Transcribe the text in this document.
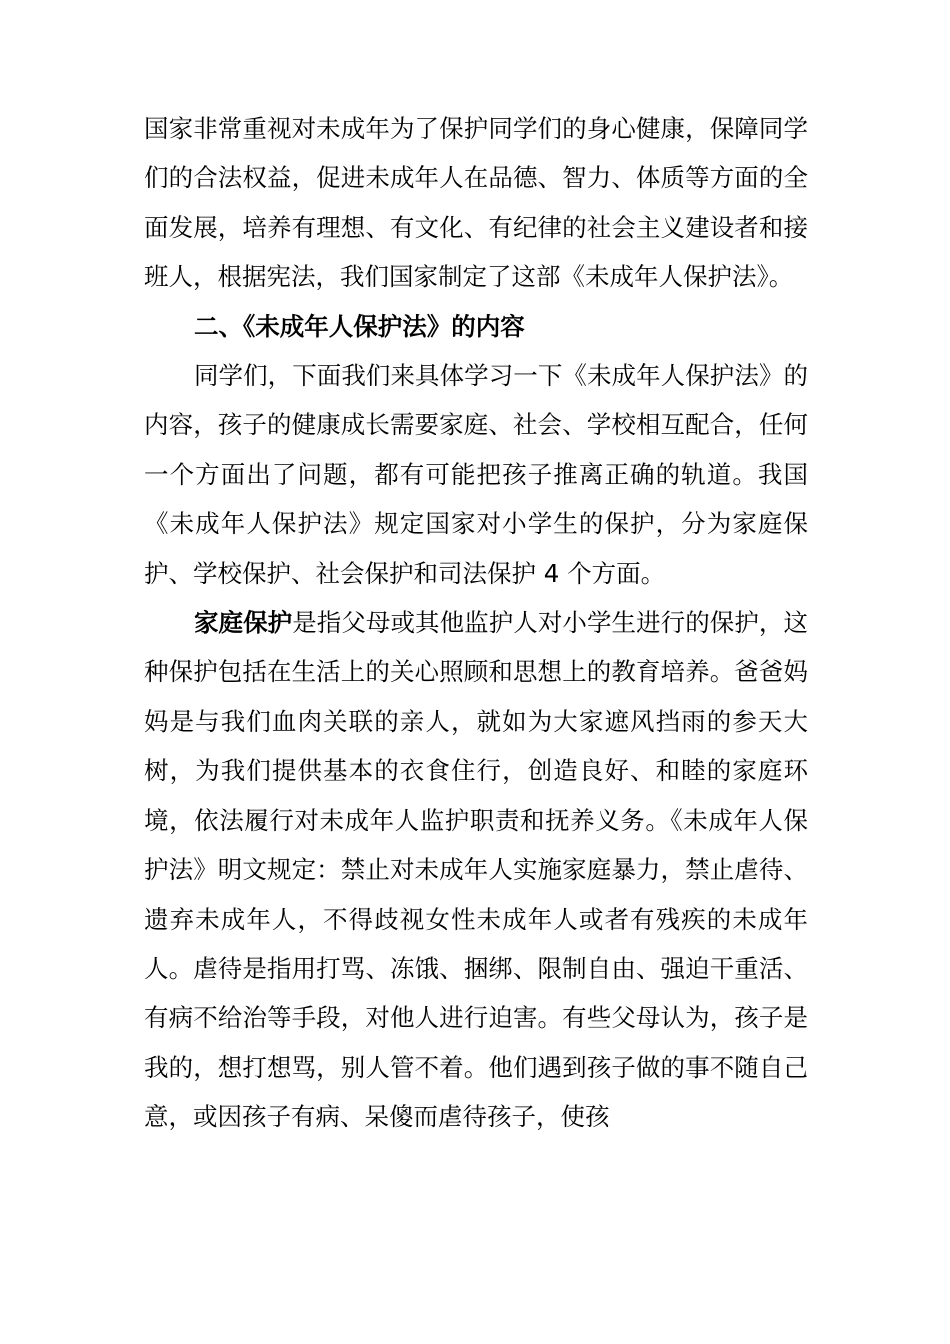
国家非常重视对未成年为了保护同学们的身心健康，保障同学们的合法权益，促进未成年人在品德、智力、体质等方面的全面发展，培养有理想、有文化、有纪律的社会主义建设者和接班人，根据宪法，我们国家制定了这部《未成年人保护法》。

二、《未成年人保护法》的内容

同学们，下面我们来具体学习一下《未成年人保护法》的内容，孩子的健康成长需要家庭、社会、学校相互配合，任何一个方面出了问题，都有可能把孩子推离正确的轨道。我国《未成年人保护法》规定国家对小学生的保护，分为家庭保护、学校保护、社会保护和司法保护 4 个方面。

家庭保护是指父母或其他监护人对小学生进行的保护，这种保护包括在生活上的关心照顾和思想上的教育培养。爸爸妈妈是与我们血肉关联的亲人，就如为大家遮风挡雨的参天大树，为我们提供基本的衣食住行，创造良好、和睦的家庭环境，依法履行对未成年人监护职责和抚养义务。《未成年人保护法》明文规定：禁止对未成年人实施家庭暴力，禁止虐待、遗弃未成年人，不得歧视女性未成年人或者有残疾的未成年人。虐待是指用打骂、冻饿、捆绑、限制自由、强迫干重活、有病不给治等手段，对他人进行迫害。有些父母认为，孩子是我的，想打想骂，别人管不着。他们遇到孩子做的事不随自己意，或因孩子有病、呆傻而虐待孩子，使孩
